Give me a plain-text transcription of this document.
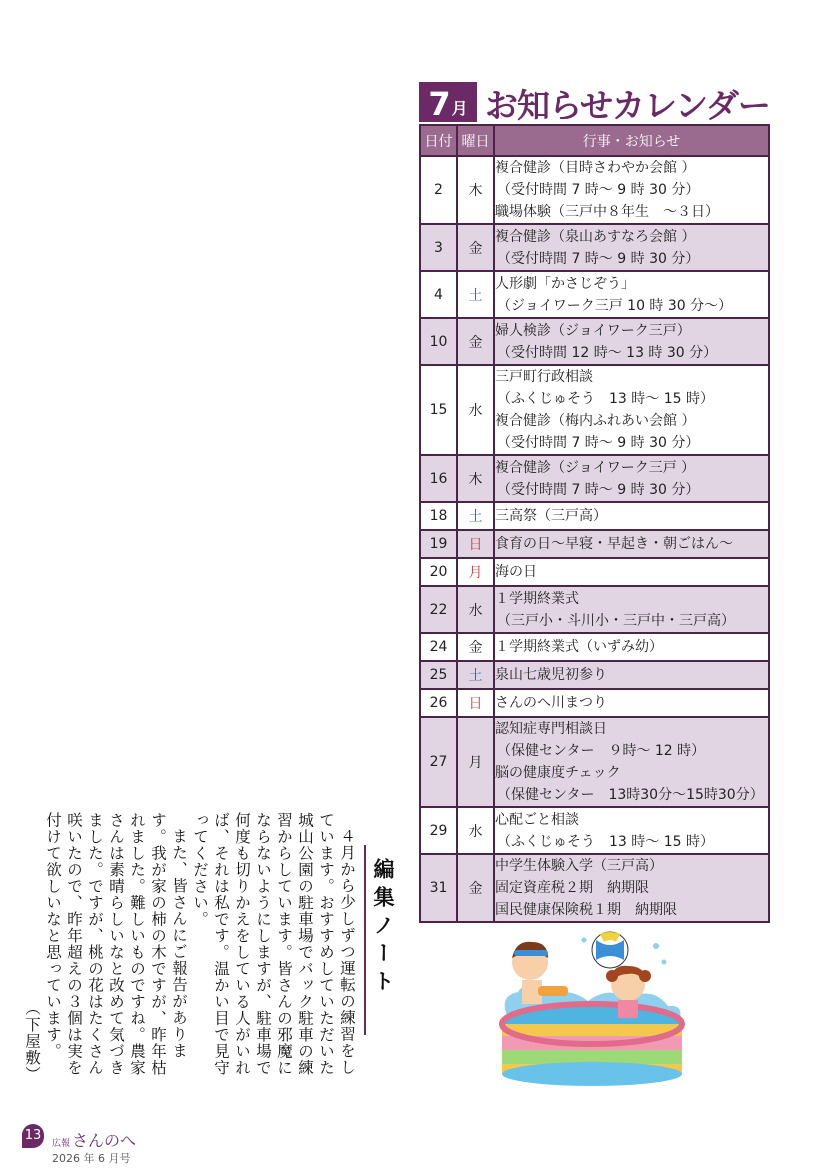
7 月 お知らせカレンダー
日付	曜日	行事・お知らせ
2	木	複合健診（目時さわやか会館 ）
（受付時間 7 時～ 9 時 30 分）
職場体験（三戸中８年生　～３日）

3	金	複合健診（泉山あすなろ会館 ）
（受付時間 7 時～ 9 時 30 分）

4	土	人形劇「かさじぞう」
（ジョイワーク三戸 10 時 30 分～）

10	金	婦人検診（ジョイワーク三戸）
（受付時間 12 時～ 13 時 30 分）

15	水	三戸町行政相談
（ふくじゅそう　13 時～ 15 時）
複合健診（梅内ふれあい会館 ）
（受付時間 7 時～ 9 時 30 分）

16	木	複合健診（ジョイワーク三戸 ）
（受付時間 7 時～ 9 時 30 分）

18	土	三高祭（三戸高）

19	日	食育の日～早寝・早起き・朝ごはん～

20	月	海の日

22	水	１学期終業式
（三戸小・斗川小・三戸中・三戸高）

24	金	１学期終業式（いずみ幼）

25	土	泉山七歳児初参り

26	日	さんのへ川まつり

27	月	認知症専門相談日
（保健センター　９時～ 12 時）
脳の健康度チェック
（保健センター　13時30分～15時30分）

29	水	心配ごと相談
（ふくじゅそう　13 時～ 15 時）

31	金	中学生体験入学（三戸高）
固定資産税２期　納期限
国民健康保険税１期　納期限
編集ノート

４月から少しずつ運転の練習をしています。おすすめしていただいた城山公園の駐車場でバック駐車の練習からしています。皆さんの邪魔にならないようにしますが、駐車場で何度も切りかえをしている人がいれば、それは私です。温かい目で見守ってください。

また、皆さんにご報告があります。我が家の柿の木ですが、昨年枯れました。難しいものですね。農家さんは素晴らしいなと改めて気づきました。ですが、桃の花はたくさん咲いたので、昨年超えの３個は実を付けて欲しいなと思っています。

（下屋敷）

13
広報 さんのへ
2026 年 6 月号
